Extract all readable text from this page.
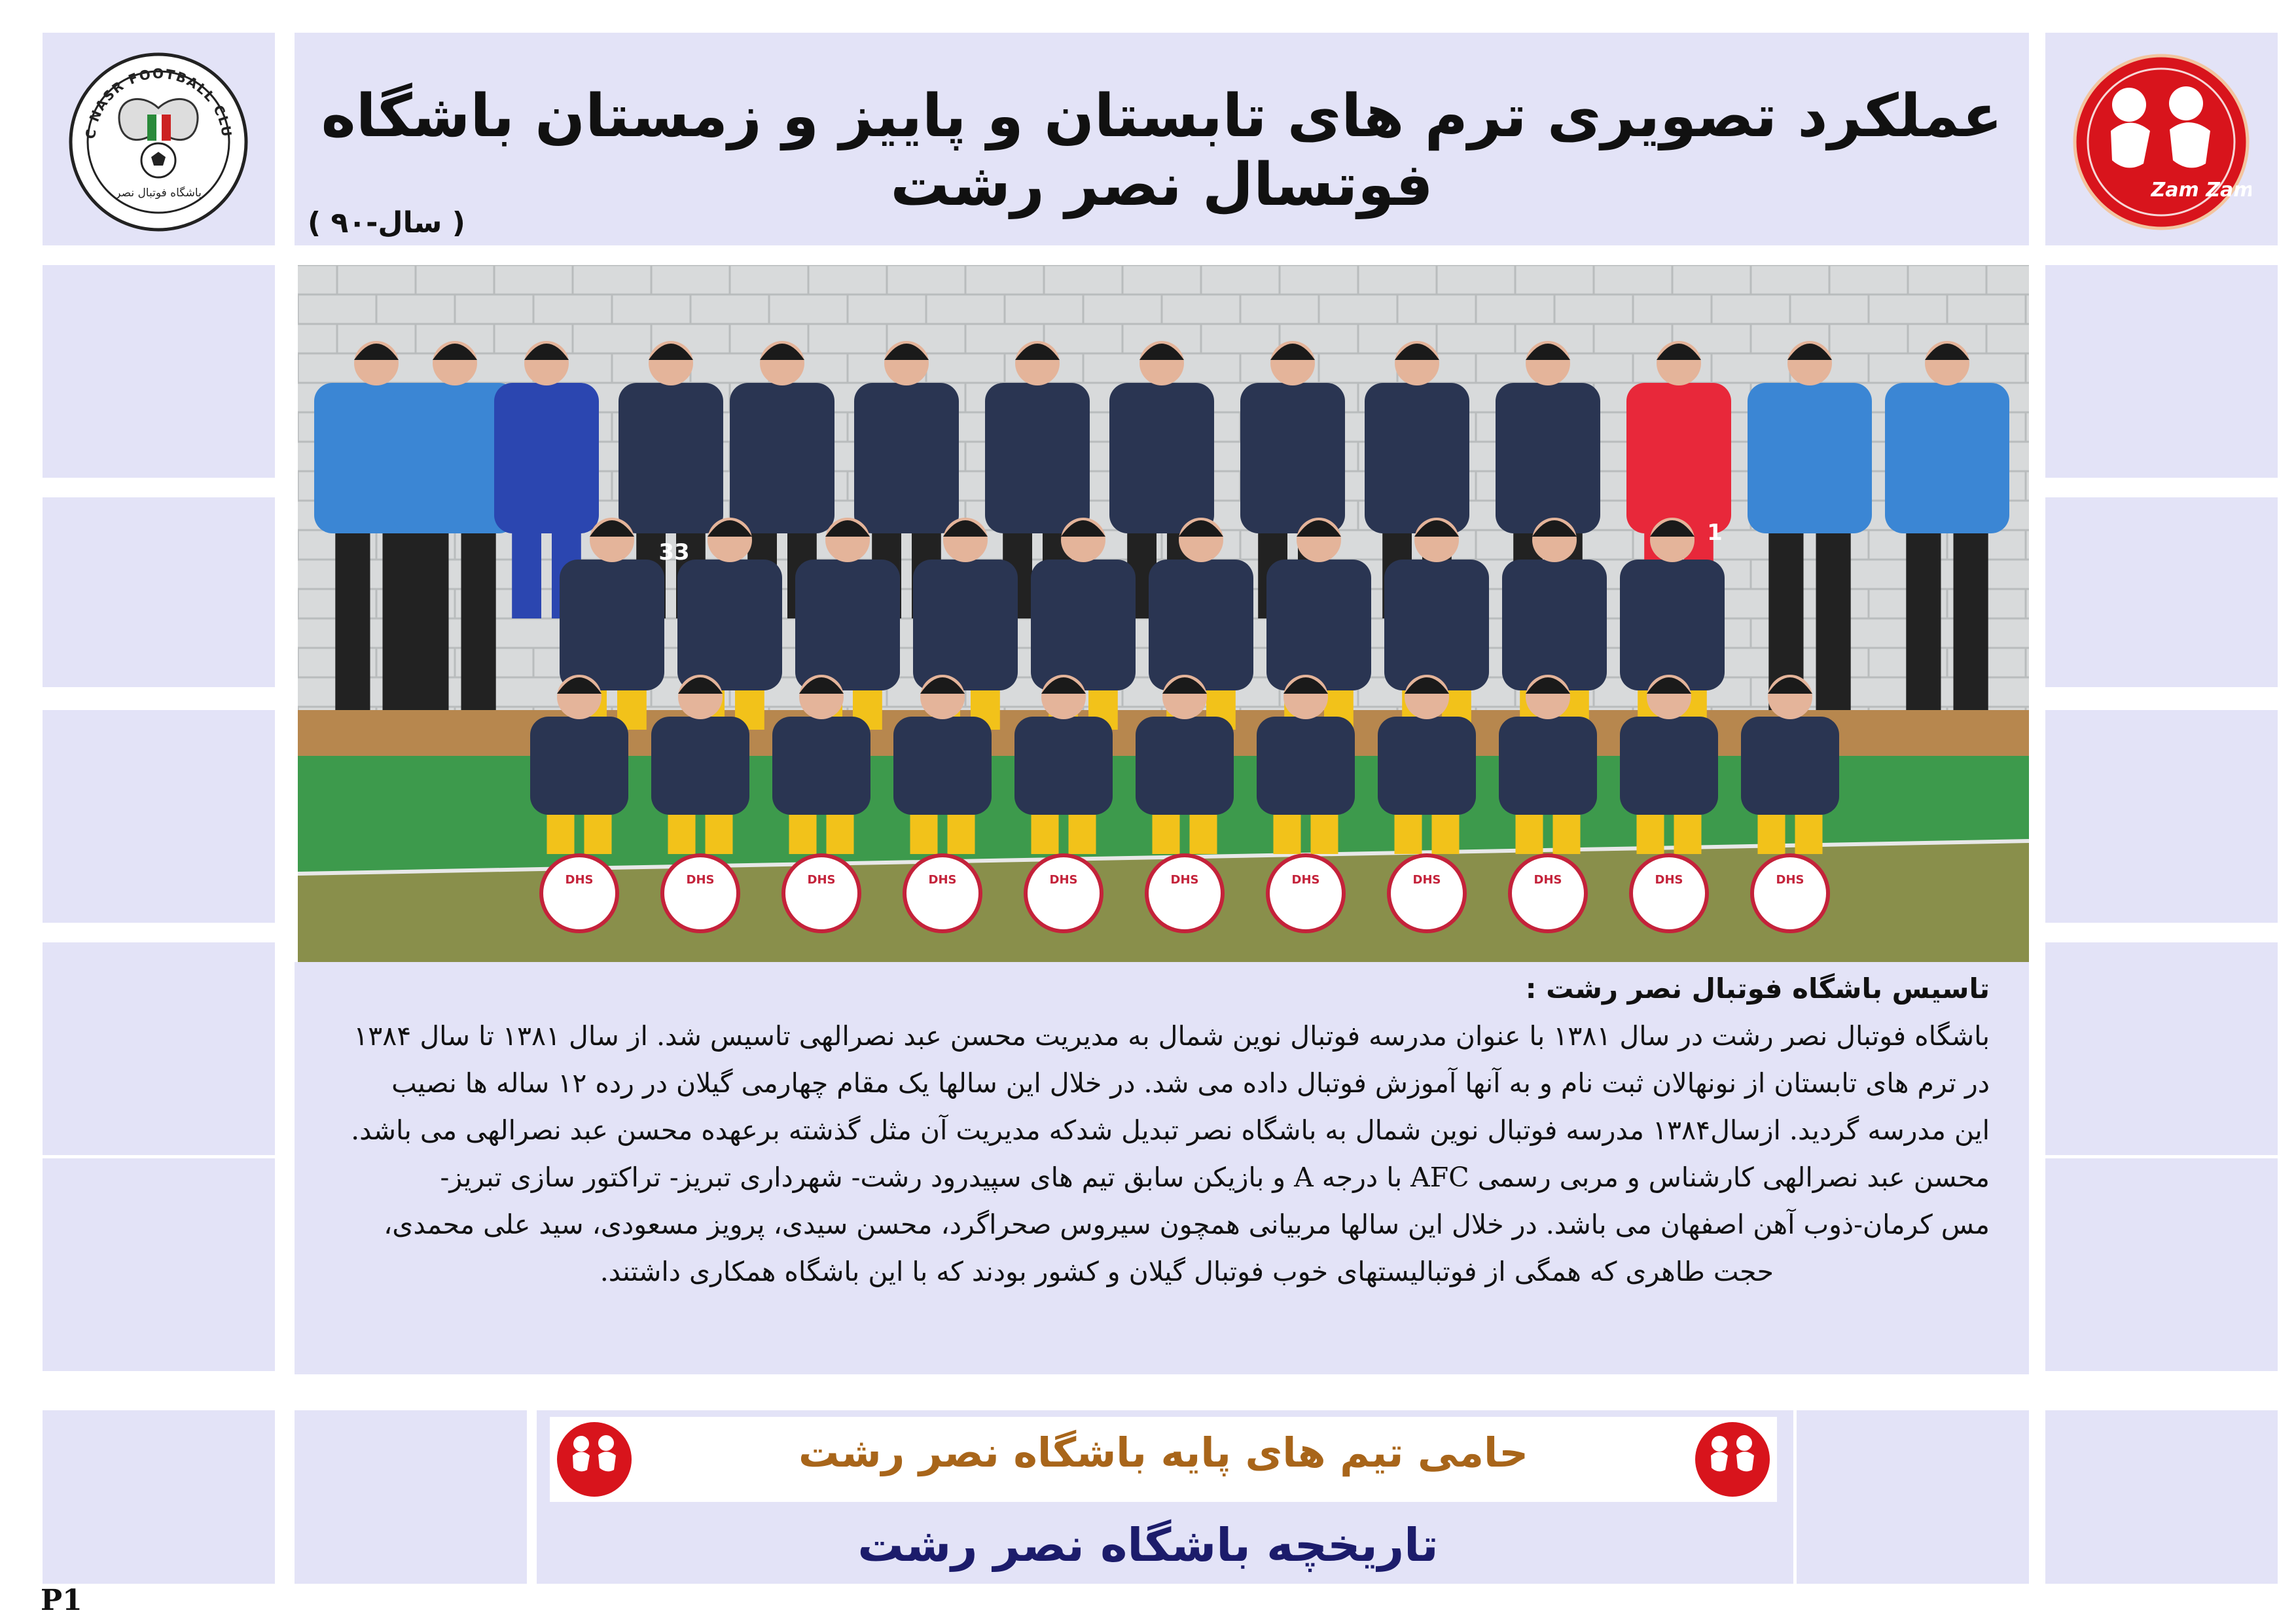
عملکرد تصویری ترم های تابستان و پاییز و زمستان باشگاه فوتسال نصر رشت
( سال-۹۰ )
C NASR FOOTBALL CLU
باشگاه فوتبال نصر	Zam Zam
33
1
DHS	DHS	DHS	DHS	DHS	DHS	DHS	DHS	DHS	DHS	DHS
تاسیس باشگاه فوتبال نصر رشت :
باشگاه فوتبال نصر رشت در سال ۱۳۸۱ با عنوان مدرسه فوتبال نوین شمال به مدیریت محسن عبد نصرالهی تاسیس شد. از سال ۱۳۸۱ تا سال ۱۳۸۴
در ترم های تابستان از نونهالان ثبت نام و به آنها آموزش فوتبال داده می شد. در خلال این سالها یک مقام چهارمی گیلان در رده ۱۲ ساله ها نصیب
این مدرسه گردید. ازسال۱۳۸۴ مدرسه فوتبال نوین شمال به باشگاه نصر تبدیل شدکه مدیریت آن مثل گذشته برعهده محسن عبد نصرالهی می باشد.
محسن عبد نصرالهی کارشناس و مربی رسمی AFC با درجه A و بازیکن سابق تیم های سپیدرود رشت- شهرداری تبریز- تراکتور سازی تبریز-
مس کرمان-ذوب آهن اصفهان می باشد. در خلال این سالها مربیانی همچون سیروس صحراگرد، محسن سیدی، پرویز مسعودی، سید علی محمدی،
حجت طاهری که همگی از فوتبالیستهای خوب فوتبال گیلان و کشور بودند که با این باشگاه همکاری داشتند.
حامی تیم های پایه باشگاه نصر رشت
تاریخچه باشگاه نصر رشت
P1
